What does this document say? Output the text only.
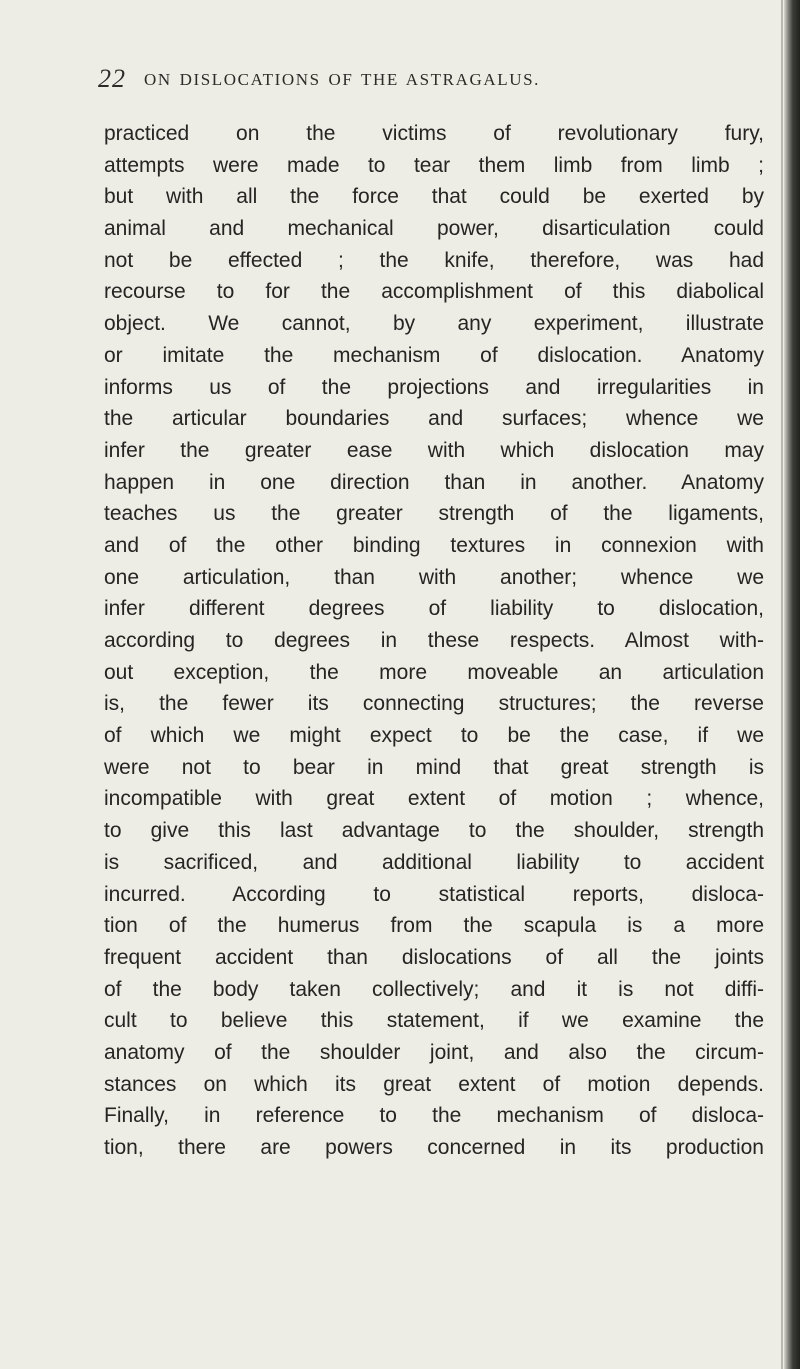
22 ON DISLOCATIONS OF THE ASTRAGALUS.
practiced on the victims of revolutionary fury,
attempts were made to tear them limb from limb ;
but with all the force that could be exerted by
animal and mechanical power, disarticulation could
not be effected ; the knife, therefore, was had
recourse to for the accomplishment of this diabolical
object. We cannot, by any experiment, illustrate
or imitate the mechanism of dislocation. Anatomy
informs us of the projections and irregularities in
the articular boundaries and surfaces; whence we
infer the greater ease with which dislocation may
happen in one direction than in another. Anatomy
teaches us the greater strength of the ligaments,
and of the other binding textures in connexion with
one articulation, than with another; whence we
infer different degrees of liability to dislocation,
according to degrees in these respects. Almost with-
out exception, the more moveable an articulation
is, the fewer its connecting structures; the reverse
of which we might expect to be the case, if we
were not to bear in mind that great strength is
incompatible with great extent of motion ; whence,
to give this last advantage to the shoulder, strength
is sacrificed, and additional liability to accident
incurred. According to statistical reports, disloca-
tion of the humerus from the scapula is a more
frequent accident than dislocations of all the joints
of the body taken collectively; and it is not diffi-
cult to believe this statement, if we examine the
anatomy of the shoulder joint, and also the circum-
stances on which its great extent of motion depends.
Finally, in reference to the mechanism of disloca-
tion, there are powers concerned in its production
